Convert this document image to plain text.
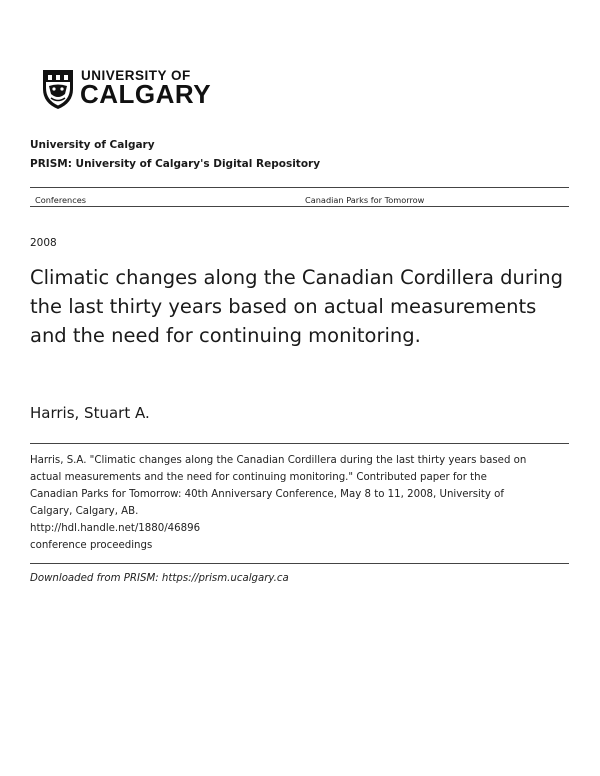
UNIVERSITY OF
CALGARY
University of Calgary
PRISM: University of Calgary's Digital Repository
Conferences	Canadian Parks for Tomorrow
2008
Climatic changes along the Canadian Cordillera during the last thirty years based on actual measurements and the need for continuing monitoring.
Harris, Stuart A.
Harris, S.A. "Climatic changes along the Canadian Cordillera during the last thirty years based on
actual measurements and the need for continuing monitoring." Contributed paper for the
Canadian Parks for Tomorrow: 40th Anniversary Conference, May 8 to 11, 2008, University of
Calgary, Calgary, AB.
http://hdl.handle.net/1880/46896
conference proceedings
Downloaded from PRISM: https://prism.ucalgary.ca
